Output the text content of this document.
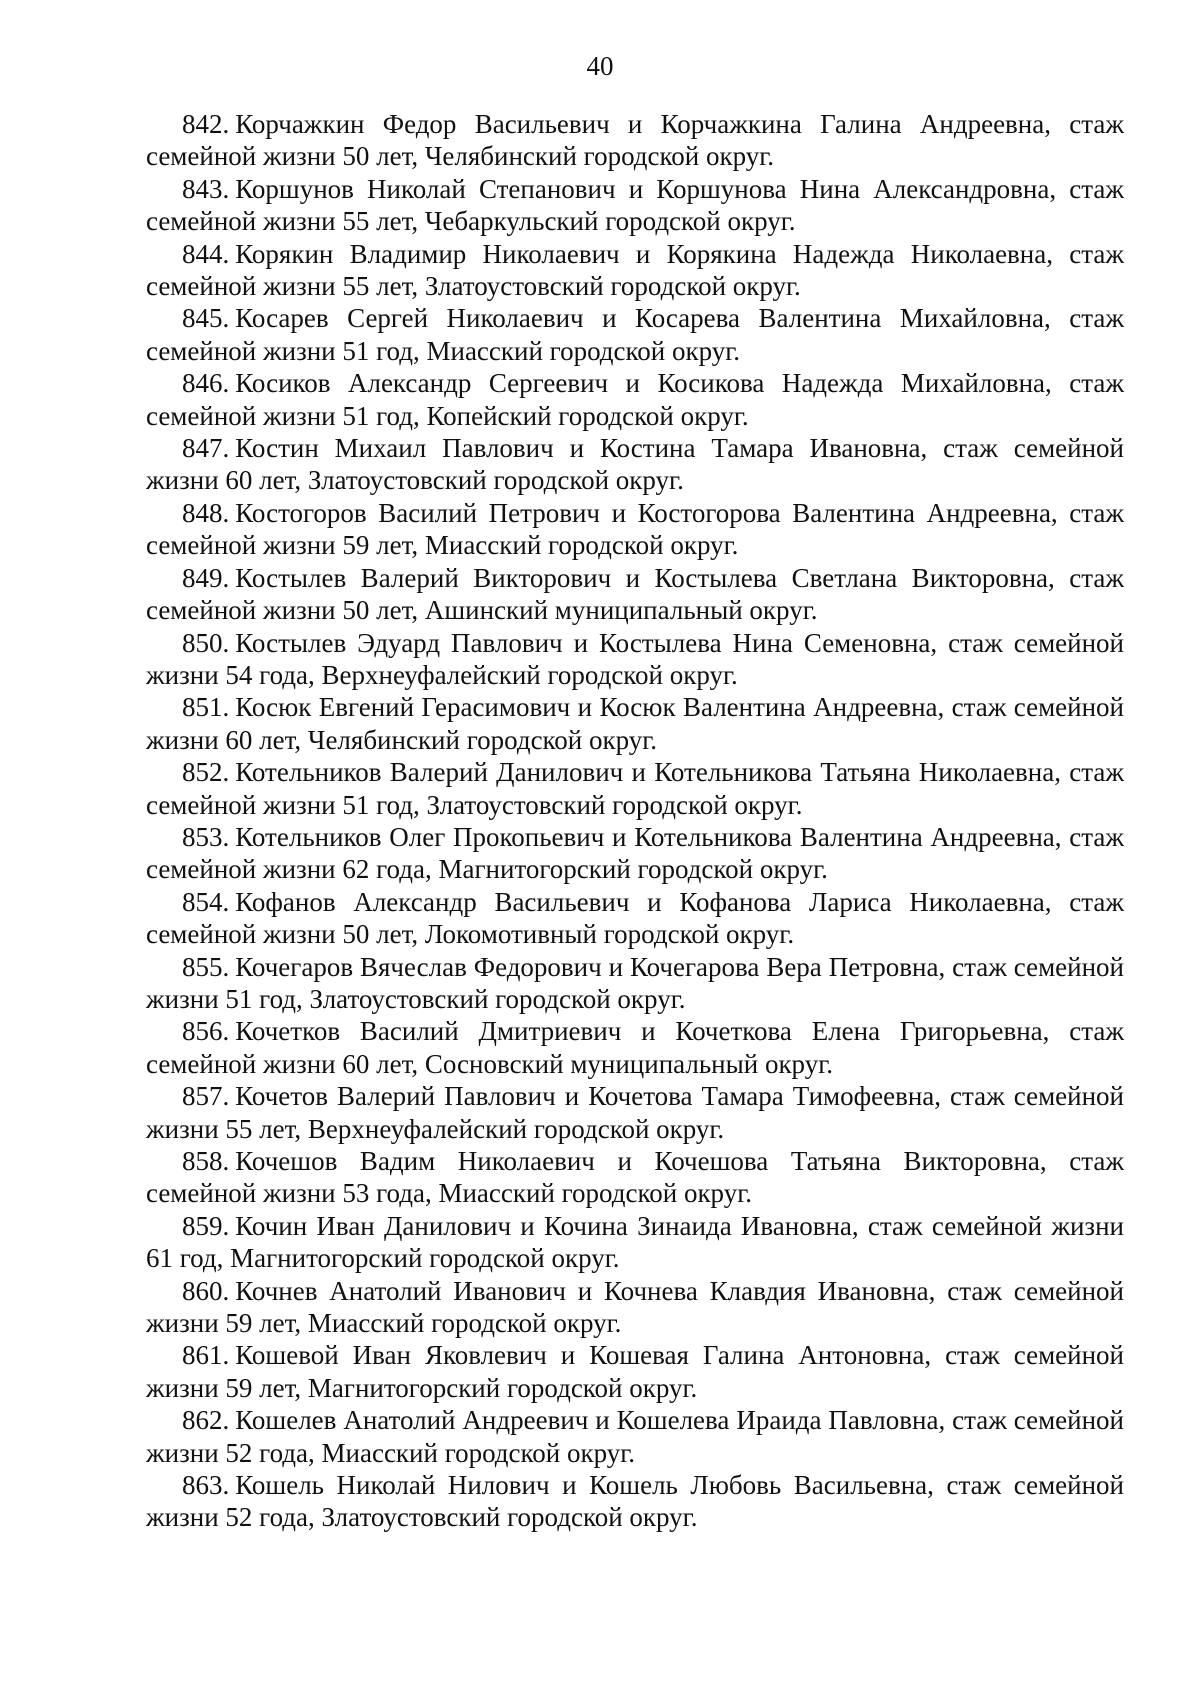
40
842. Корчажкин Федор Васильевич и Корчажкина Галина Андреевна, стаж семейной жизни 50 лет, Челябинский городской округ.
843. Коршунов Николай Степанович и Коршунова Нина Александровна, стаж семейной жизни 55 лет, Чебаркульский городской округ.
844. Корякин Владимир Николаевич и Корякина Надежда Николаевна, стаж семейной жизни 55 лет, Златоустовский городской округ.
845. Косарев Сергей Николаевич и Косарева Валентина Михайловна, стаж семейной жизни 51 год, Миасский городской округ.
846. Косиков Александр Сергеевич и Косикова Надежда Михайловна, стаж семейной жизни 51 год, Копейский городской округ.
847. Костин Михаил Павлович и Костина Тамара Ивановна, стаж семейной жизни 60 лет, Златоустовский городской округ.
848. Костогоров Василий Петрович и Костогорова Валентина Андреевна, стаж семейной жизни 59 лет, Миасский городской округ.
849. Костылев Валерий Викторович и Костылева Светлана Викторовна, стаж семейной жизни 50 лет, Ашинский муниципальный округ.
850. Костылев Эдуард Павлович и Костылева Нина Семеновна, стаж семейной жизни 54 года, Верхнеуфалейский городской округ.
851. Косюк Евгений Герасимович и Косюк Валентина Андреевна, стаж семейной жизни 60 лет, Челябинский городской округ.
852. Котельников Валерий Данилович и Котельникова Татьяна Николаевна, стаж семейной жизни 51 год, Златоустовский городской округ.
853. Котельников Олег Прокопьевич и Котельникова Валентина Андреевна, стаж семейной жизни 62 года, Магнитогорский городской округ.
854. Кофанов Александр Васильевич и Кофанова Лариса Николаевна, стаж семейной жизни 50 лет, Локомотивный городской округ.
855. Кочегаров Вячеслав Федорович и Кочегарова Вера Петровна, стаж семейной жизни 51 год, Златоустовский городской округ.
856. Кочетков Василий Дмитриевич и Кочеткова Елена Григорьевна, стаж семейной жизни 60 лет, Сосновский муниципальный округ.
857. Кочетов Валерий Павлович и Кочетова Тамара Тимофеевна, стаж семейной жизни 55 лет, Верхнеуфалейский городской округ.
858. Кочешов Вадим Николаевич и Кочешова Татьяна Викторовна, стаж семейной жизни 53 года, Миасский городской округ.
859. Кочин Иван Данилович и Кочина Зинаида Ивановна, стаж семейной жизни 61 год, Магнитогорский городской округ.
860. Кочнев Анатолий Иванович и Кочнева Клавдия Ивановна, стаж семейной жизни 59 лет, Миасский городской округ.
861. Кошевой Иван Яковлевич и Кошевая Галина Антоновна, стаж семейной жизни 59 лет, Магнитогорский городской округ.
862. Кошелев Анатолий Андреевич и Кошелева Ираида Павловна, стаж семейной жизни 52 года, Миасский городской округ.
863. Кошель Николай Нилович и Кошель Любовь Васильевна, стаж семейной жизни 52 года, Златоустовский городской округ.
